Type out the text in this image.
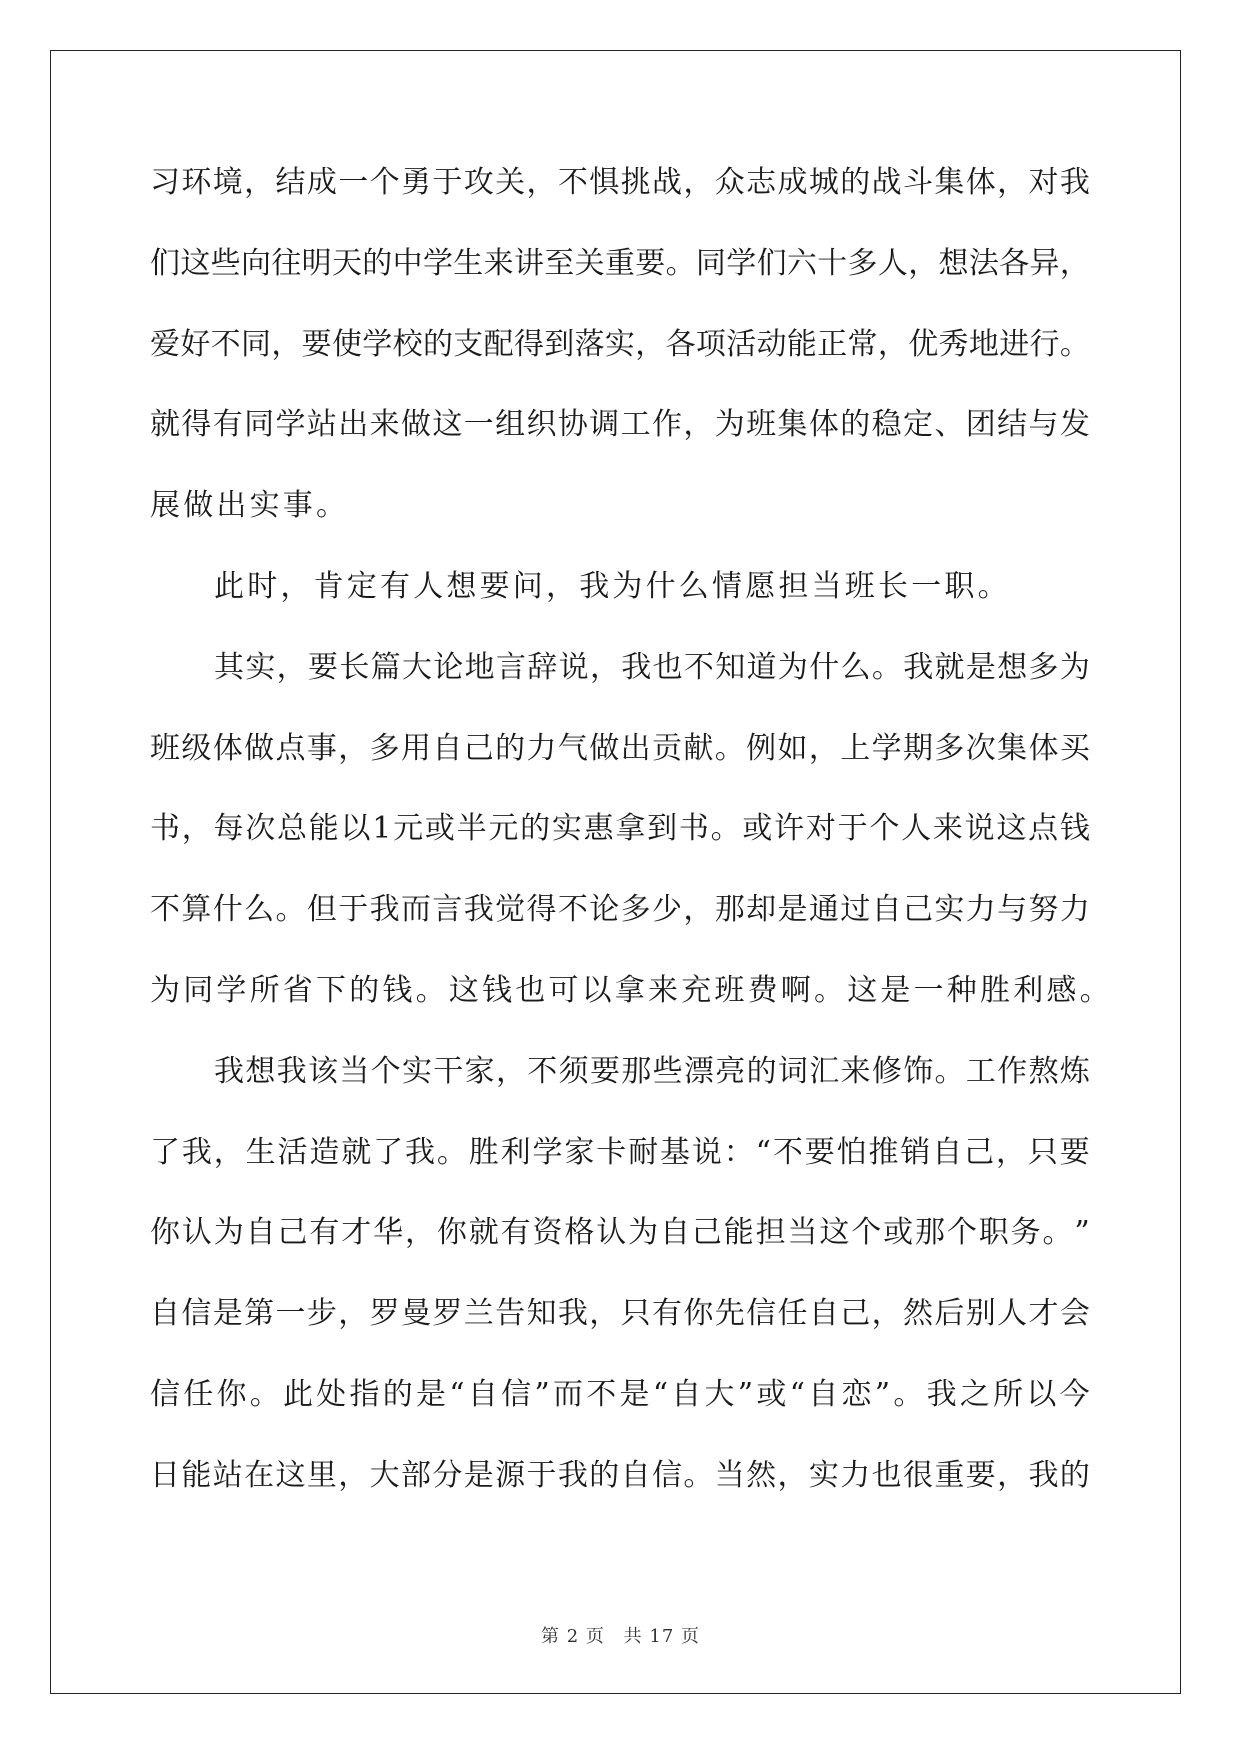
习 环 境 ， 结 成 一 个 勇 于 攻 关 ， 不 惧 挑 战 ， 众 志 成 城 的 战 斗 集 体 ， 对 我
们 这 些 向 往 明 天 的 中 学 生 来 讲 至 关 重 要 。 同 学 们 六 十 多 人 ， 想 法 各 异 ，
爱 好 不 同 ， 要 使 学 校 的 支 配 得 到 落 实 ， 各 项 活 动 能 正 常 ， 优 秀 地 进 行 。
就 得 有 同 学 站 出 来 做 这 一 组 织 协 调 工 作 ， 为 班 集 体 的 稳 定 、 团 结 与 发
展做出实事。
此时，肯定有人想要问，我为什么情愿担当班长一职。
其 实 ， 要 长 篇 大 论 地 言 辞 说 ， 我 也 不 知 道 为 什 么 。 我 就 是 想 多 为
班 级 体 做 点 事 ， 多 用 自 己 的 力 气 做 出 贡 献 。 例 如 ， 上 学 期 多 次 集 体 买
书 ， 每 次 总 能 以 1 元 或 半 元 的 实 惠 拿 到 书 。 或 许 对 于 个 人 来 说 这 点 钱
不 算 什 么 。 但 于 我 而 言 我 觉 得 不 论 多 少 ， 那 却 是 通 过 自 己 实 力 与 努 力
为同学所省下的钱。这钱也可以拿来充班费啊。这是一种胜利感。
我 想 我 该 当 个 实 干 家 ， 不 须 要 那 些 漂 亮 的 词 汇 来 修 饰 。 工 作 熬 炼
了 我 ， 生 活 造 就 了 我 。 胜 利 学 家 卡 耐 基 说 ： “ 不 要 怕 推 销 自 己 ， 只 要
你 认 为 自 己 有 才 华 ， 你 就 有 资 格 认 为 自 己 能 担 当 这 个 或 那 个 职 务 。 ”
自 信 是 第 一 步 ， 罗 曼 罗 兰 告 知 我 ， 只 有 你 先 信 任 自 己 ， 然 后 别 人 才 会
信 任 你 。 此 处 指 的 是 “ 自 信 ” 而 不 是 “ 自 大 ” 或 “ 自 恋 ” 。 我 之 所 以 今
日 能 站 在 这 里 ， 大 部 分 是 源 于 我 的 自 信 。 当 然 ， 实 力 也 很 重 要 ， 我 的
第 2 页 共 17 页
